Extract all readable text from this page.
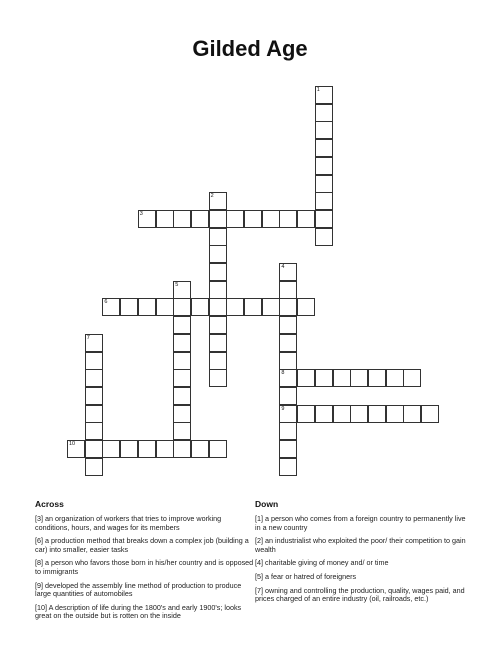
Gilded Age
1
2
3
4
8
9
5
6
7
10
Across
[3] an organization of workers that tries to improve working conditions, hours, and wages for its members
[6] a production method that breaks down a complex job (building a car) into smaller, easier tasks
[8] a person who favors those born in his/her country and is opposed to immigrants
[9] developed the assembly line method of production to produce large quantities of automobiles
[10] A description of life during the 1800's and early 1900's; looks great on the outside but is rotten on the inside
Down
[1] a person who comes from a foreign country to permanently live in a new country
[2] an industrialist who exploited the poor/ their competition to gain wealth
[4] charitable giving of money and/ or time
[5] a fear or hatred of foreigners
[7] owning and controlling the production, quality, wages paid, and prices charged of an entire industry (oil, railroads, etc.)
